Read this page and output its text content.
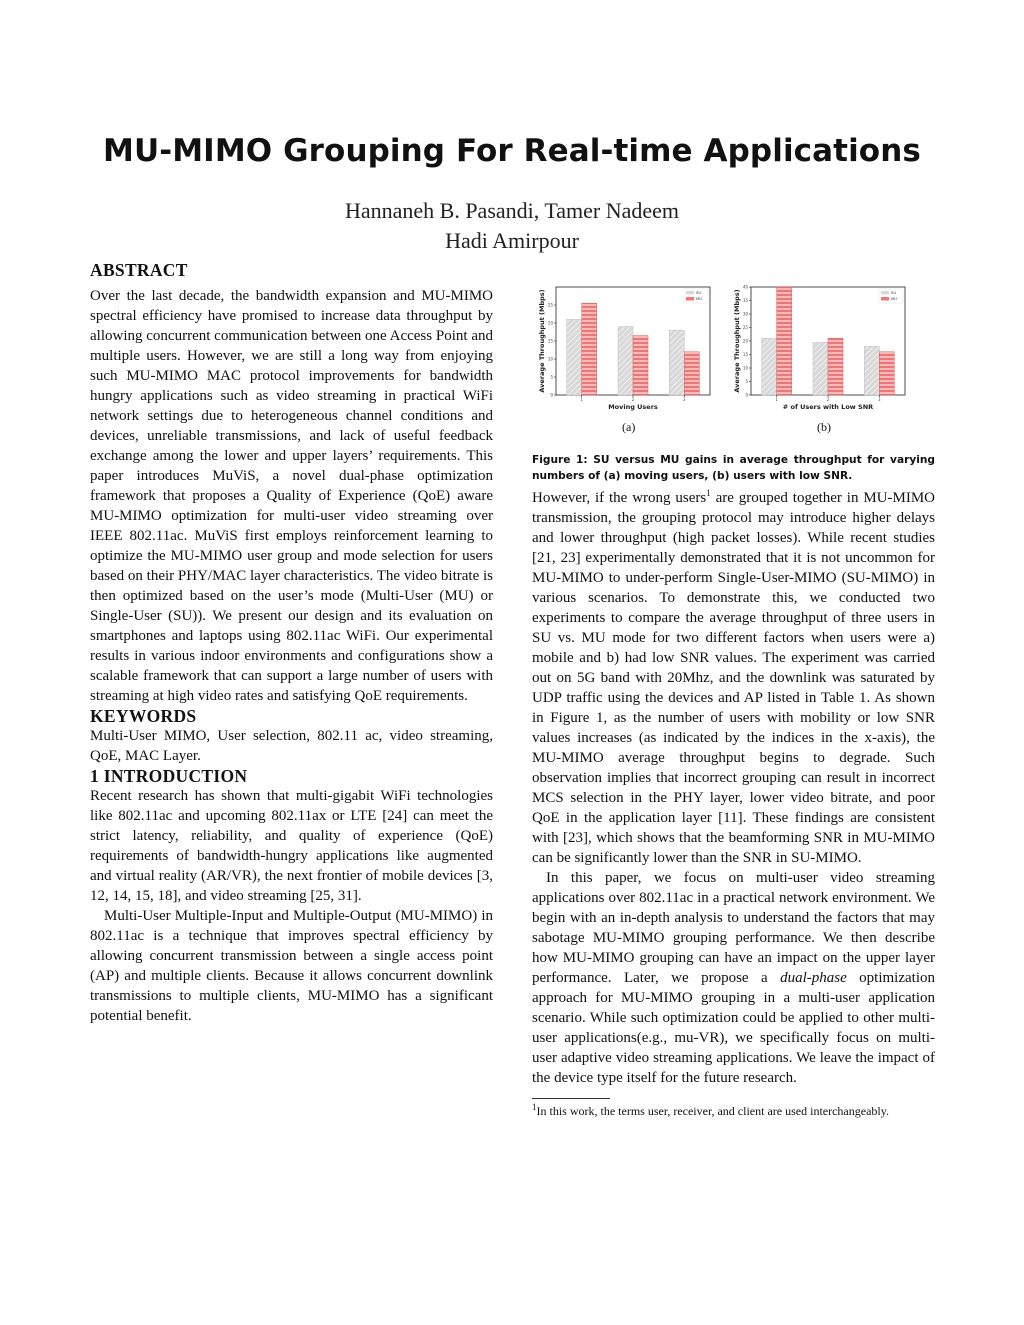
MU-MIMO Grouping For Real-time Applications
Hannaneh B. Pasandi, Tamer Nadeem
Hadi Amirpour
ABSTRACT

Over the last decade, the bandwidth expansion and MU-MIMO spectral efficiency have promised to increase data throughput by allowing concurrent communication between one Access Point and multiple users. However, we are still a long way from enjoying such MU-MIMO MAC protocol improvements for bandwidth hungry applications such as video streaming in practical WiFi network settings due to heterogeneous channel conditions and devices, unreliable transmissions, and lack of useful feedback exchange among the lower and upper layers’ requirements. This paper introduces MuViS, a novel dual-phase optimization framework that proposes a Quality of Experience (QoE) aware MU-MIMO optimization for multi-user video streaming over IEEE 802.11ac. MuViS first employs reinforcement learning to optimize the MU-MIMO user group and mode selection for users based on their PHY/MAC layer characteristics. The video bitrate is then optimized based on the user’s mode (Multi-User (MU) or Single-User (SU)). We present our design and its evaluation on smartphones and laptops using 802.11ac WiFi. Our experimental results in various indoor environments and configurations show a scalable framework that can support a large number of users with streaming at high video rates and satisfying QoE requirements.

KEYWORDS

Multi-User MIMO, User selection, 802.11 ac, video streaming, QoE, MAC Layer.

1 INTRODUCTION

Recent research has shown that multi-gigabit WiFi technologies like 802.11ac and upcoming 802.11ax or LTE [24] can meet the strict latency, reliability, and quality of experience (QoE) requirements of bandwidth-hungry applications like augmented and virtual reality (AR/VR), the next frontier of mobile devices [3, 12, 14, 15, 18], and video streaming [25, 31].

Multi-User Multiple-Input and Multiple-Output (MU-MIMO) in 802.11ac is a technique that improves spectral efficiency by allowing concurrent transmission between a single access point (AP) and multiple clients. Because it allows concurrent downlink transmissions to multiple clients, MU-MIMO has a significant potential benefit.

0
5
10
15
20
25
Average Throughput (Mbps)
1	2	3
Moving Users
SU
MU
0
5
10
15
20
25
30
35
40
Average Throughput (Mbps)
1	2	3
# of Users with Low SNR
SU
MU
(a)	(b)
Figure 1: SU versus MU gains in average throughput for varying numbers of (a) moving users, (b) users with low SNR.

However, if the wrong users$^1$ are grouped together in MU-MIMO transmission, the grouping protocol may introduce higher delays and lower throughput (high packet losses). While recent studies [21, 23] experimentally demonstrated that it is not uncommon for MU-MIMO to under-perform Single-User-MIMO (SU-MIMO) in various scenarios. To demonstrate this, we conducted two experiments to compare the average throughput of three users in SU vs. MU mode for two different factors when users were a) mobile and b) had low SNR values. The experiment was carried out on 5G band with 20Mhz, and the downlink was saturated by UDP traffic using the devices and AP listed in Table 1. As shown in Figure 1, as the number of users with mobility or low SNR values increases (as indicated by the indices in the x-axis), the MU-MIMO average throughput begins to degrade. Such observation implies that incorrect grouping can result in incorrect MCS selection in the PHY layer, lower video bitrate, and poor QoE in the application layer [11]. These findings are consistent with [23], which shows that the beamforming SNR in MU-MIMO can be significantly lower than the SNR in SU-MIMO.

In this paper, we focus on multi-user video streaming applications over 802.11ac in a practical network environment. We begin with an in-depth analysis to understand the factors that may sabotage MU-MIMO grouping performance. We then describe how MU-MIMO grouping can have an impact on the upper layer performance. Later, we propose a dual-phase optimization approach for MU-MIMO grouping in a multi-user application scenario. While such optimization could be applied to other multi-user applications(e.g., mu-VR), we specifically focus on multi-user adaptive video streaming applications. We leave the impact of the device type itself for the future research.

$^1$In this work, the terms user, receiver, and client are used interchangeably.
